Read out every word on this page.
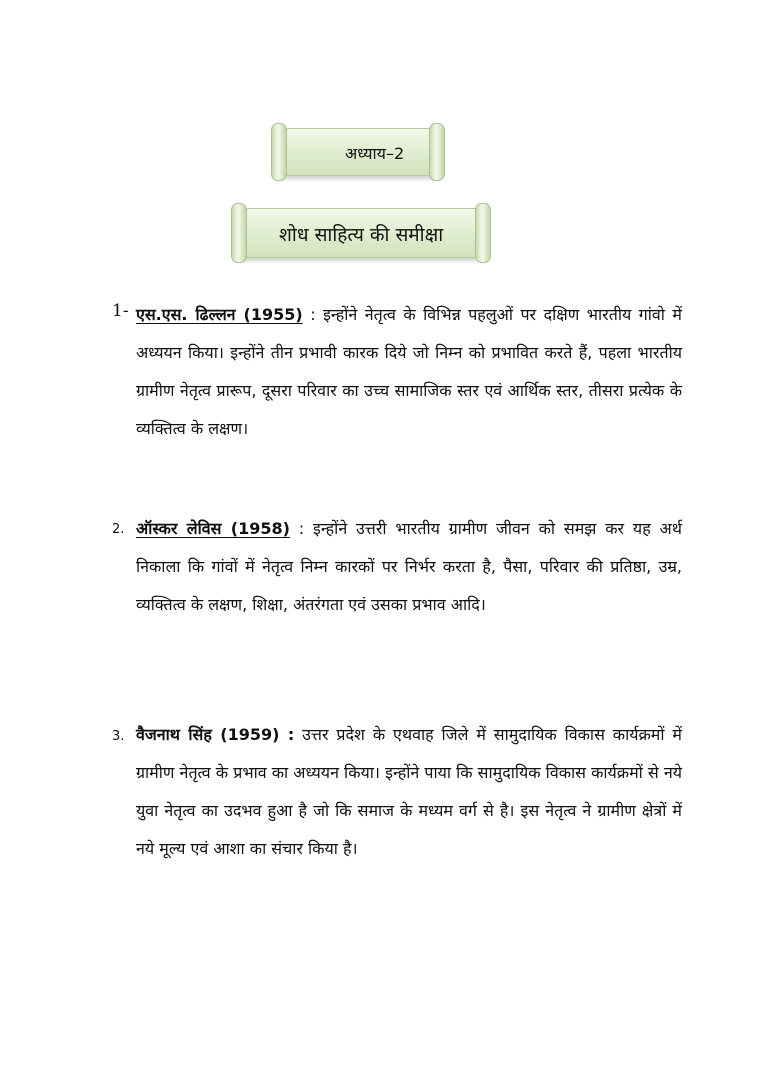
अध्याय–2
शोध साहित्य की समीक्षा
1- एस.एस. ढिल्लन (1955) : इन्होंने नेतृत्व के विभिन्न पहलुओं पर दक्षिण भारतीय गांवो में अध्ययन किया। इन्होंने तीन प्रभावी कारक दिये जो निम्न को प्रभावित करते हैं, पहला भारतीय ग्रामीण नेतृत्व प्रारूप, दूसरा परिवार का उच्च सामाजिक स्तर एवं आर्थिक स्तर, तीसरा प्रत्येक के व्यक्तित्व के लक्षण।
2. ऑस्कर लेविस (1958) : इन्होंने उत्तरी भारतीय ग्रामीण जीवन को समझ कर यह अर्थ निकाला कि गांवों में नेतृत्व निम्न कारकों पर निर्भर करता है, पैसा, परिवार की प्रतिष्ठा, उम्र, व्यक्तित्व के लक्षण, शिक्षा, अंतरंगता एवं उसका प्रभाव आदि।
3. वैजनाथ सिंह (1959) : उत्तर प्रदेश के एथवाह जिले में सामुदायिक विकास कार्यक्रमों में ग्रामीण नेतृत्व के प्रभाव का अध्ययन किया। इन्होंने पाया कि सामुदायिक विकास कार्यक्रमों से नये युवा नेतृत्व का उदभव हुआ है जो कि समाज के मध्यम वर्ग से है। इस नेतृत्व ने ग्रामीण क्षेत्रों में नये मूल्य एवं आशा का संचार किया है।
